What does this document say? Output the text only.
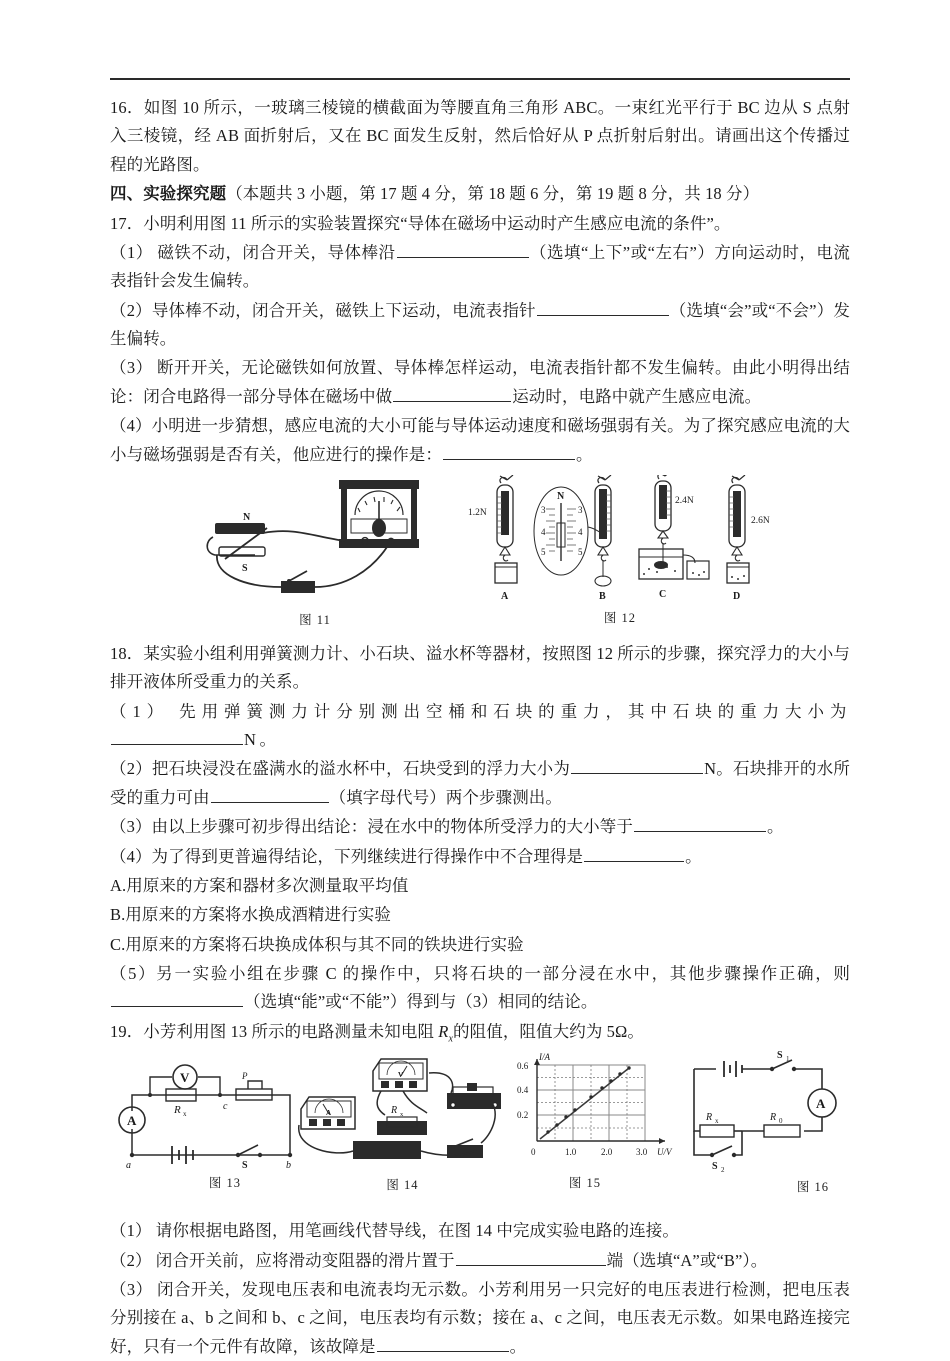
16．如图 10 所示，一玻璃三棱镜的横截面为等腰直角三角形 ABC。一束红光平行于 BC 边从 S 点射入三棱镜，经 AB 面折射后，又在 BC 面发生反射，然后恰好从 P 点折射后射出。请画出这个传播过程的光路图。

四、实验探究题（本题共 3 小题，第 17 题 4 分，第 18 题 6 分，第 19 题 8 分，共 18 分）

17．小明利用图 11 所示的实验装置探究“导体在磁场中运动时产生感应电流的条件”。

（1） 磁铁不动，闭合开关，导体棒沿	（选填“上下”或“左右”）方向运动时，电流表指针会发生偏转。

（2）导体棒不动，闭合开关，磁铁上下运动，电流表指针	（选填“会”或“不会”）发生偏转。

（3） 断开开关，无论磁铁如何放置、导体棒怎样运动，电流表指针都不发生偏转。由此小明得出结论：闭合电路得一部分导体在磁场中做	运动时，电路中就产生感应电流。

（4）小明进一步猜想，感应电流的大小可能与导体运动速度和磁场强弱有关。为了探究感应电流的大小与磁场强弱是否有关，他应进行的操作是：	。

N
S
图 11
1.2N
A
N
3	3
4	4
5	5
B
2.4N
C
2.6N
D
图 12

18．某实验小组利用弹簧测力计、小石块、溢水杯等器材，按照图 12 所示的步骤，探究浮力的大小与排开液体所受重力的关系。

（1） 先用弹簧测力计分别测出空桶和石块的重力，其中石块的重力大小为N。

（2）把石块浸没在盛满水的溢水杯中，石块受到的浮力大小为	N。石块排开的水所受的重力可由	（填字母代号）两个步骤测出。

（3）由以上步骤可初步得出结论：浸在水中的物体所受浮力的大小等于	。

（4）为了得到更普遍得结论，下列继续进行得操作中不合理得是	。

A.用原来的方案和器材多次测量取平均值

B.用原来的方案将水换成酒精进行实验

C.用原来的方案将石块换成体积与其不同的铁块进行实验

（5）另一实验小组在步骤 C 的操作中，只将石块的一部分浸在水中，其他步骤操作正确，则（选填“能”或“不能”）得到与（3）相同的结论。

19．小芳利用图 13 所示的电路测量未知电阻 $R_x$的阻值，阻值大约为 5Ω。

A
R x
V
c
P
S
a	b
图 13
A
V
R x
图 14
I/A
U/V
0.6
0.4
0.2
0	1.0	2.0	3.0
图 15
S 1
A
R 0
R x
S 2
图 16

（1） 请你根据电路图，用笔画线代替导线，在图 14 中完成实验电路的连接。

（2） 闭合开关前，应将滑动变阻器的滑片置于	端（选填“A”或“B”）。

（3） 闭合开关，发现电压表和电流表均无示数。小芳利用另一只完好的电压表进行检测，把电压表分别接在 a、b 之间和 b、c 之间，电压表均有示数；接在 a、c 之间，电压表无示数。如果电路连接完好，只有一个元件有故障，该故障是	。
